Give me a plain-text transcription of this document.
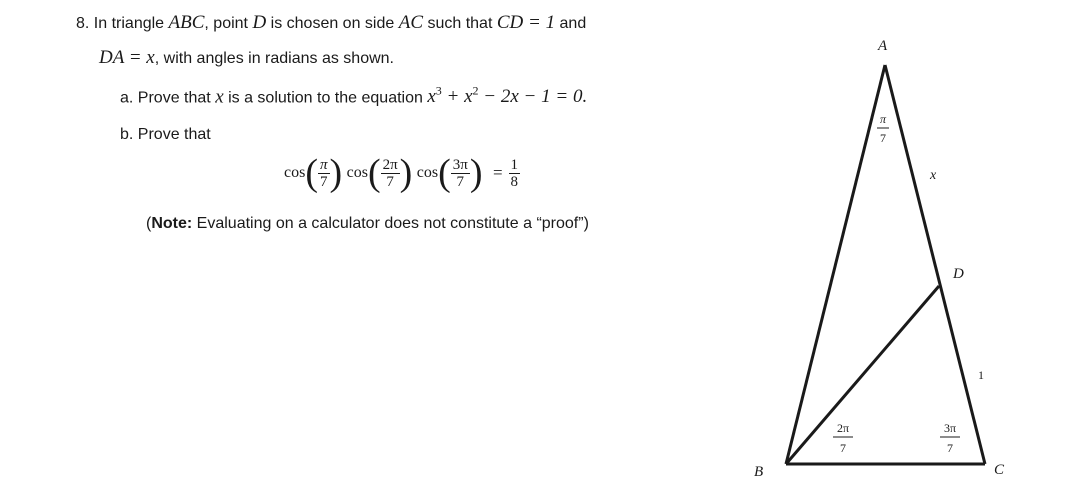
8. In triangle ABC, point D is chosen on side AC such that CD = 1 and
DA = x, with angles in radians as shown.
a. Prove that x is a solution to the equation $x^3 + x^2 - 2x - 1 = 0$.
b. Prove that
$\cos( \frac{\pi}{7}$ ) $\cos( \frac{2\pi}{7}$ ) $\cos( \frac{3\pi}{7}$ ) = $\frac{1}{8}$
(Note: Evaluating on a calculator does not constitute a “proof”)
A
B	C
D
x
1
π
7
2π
7
3π
7
